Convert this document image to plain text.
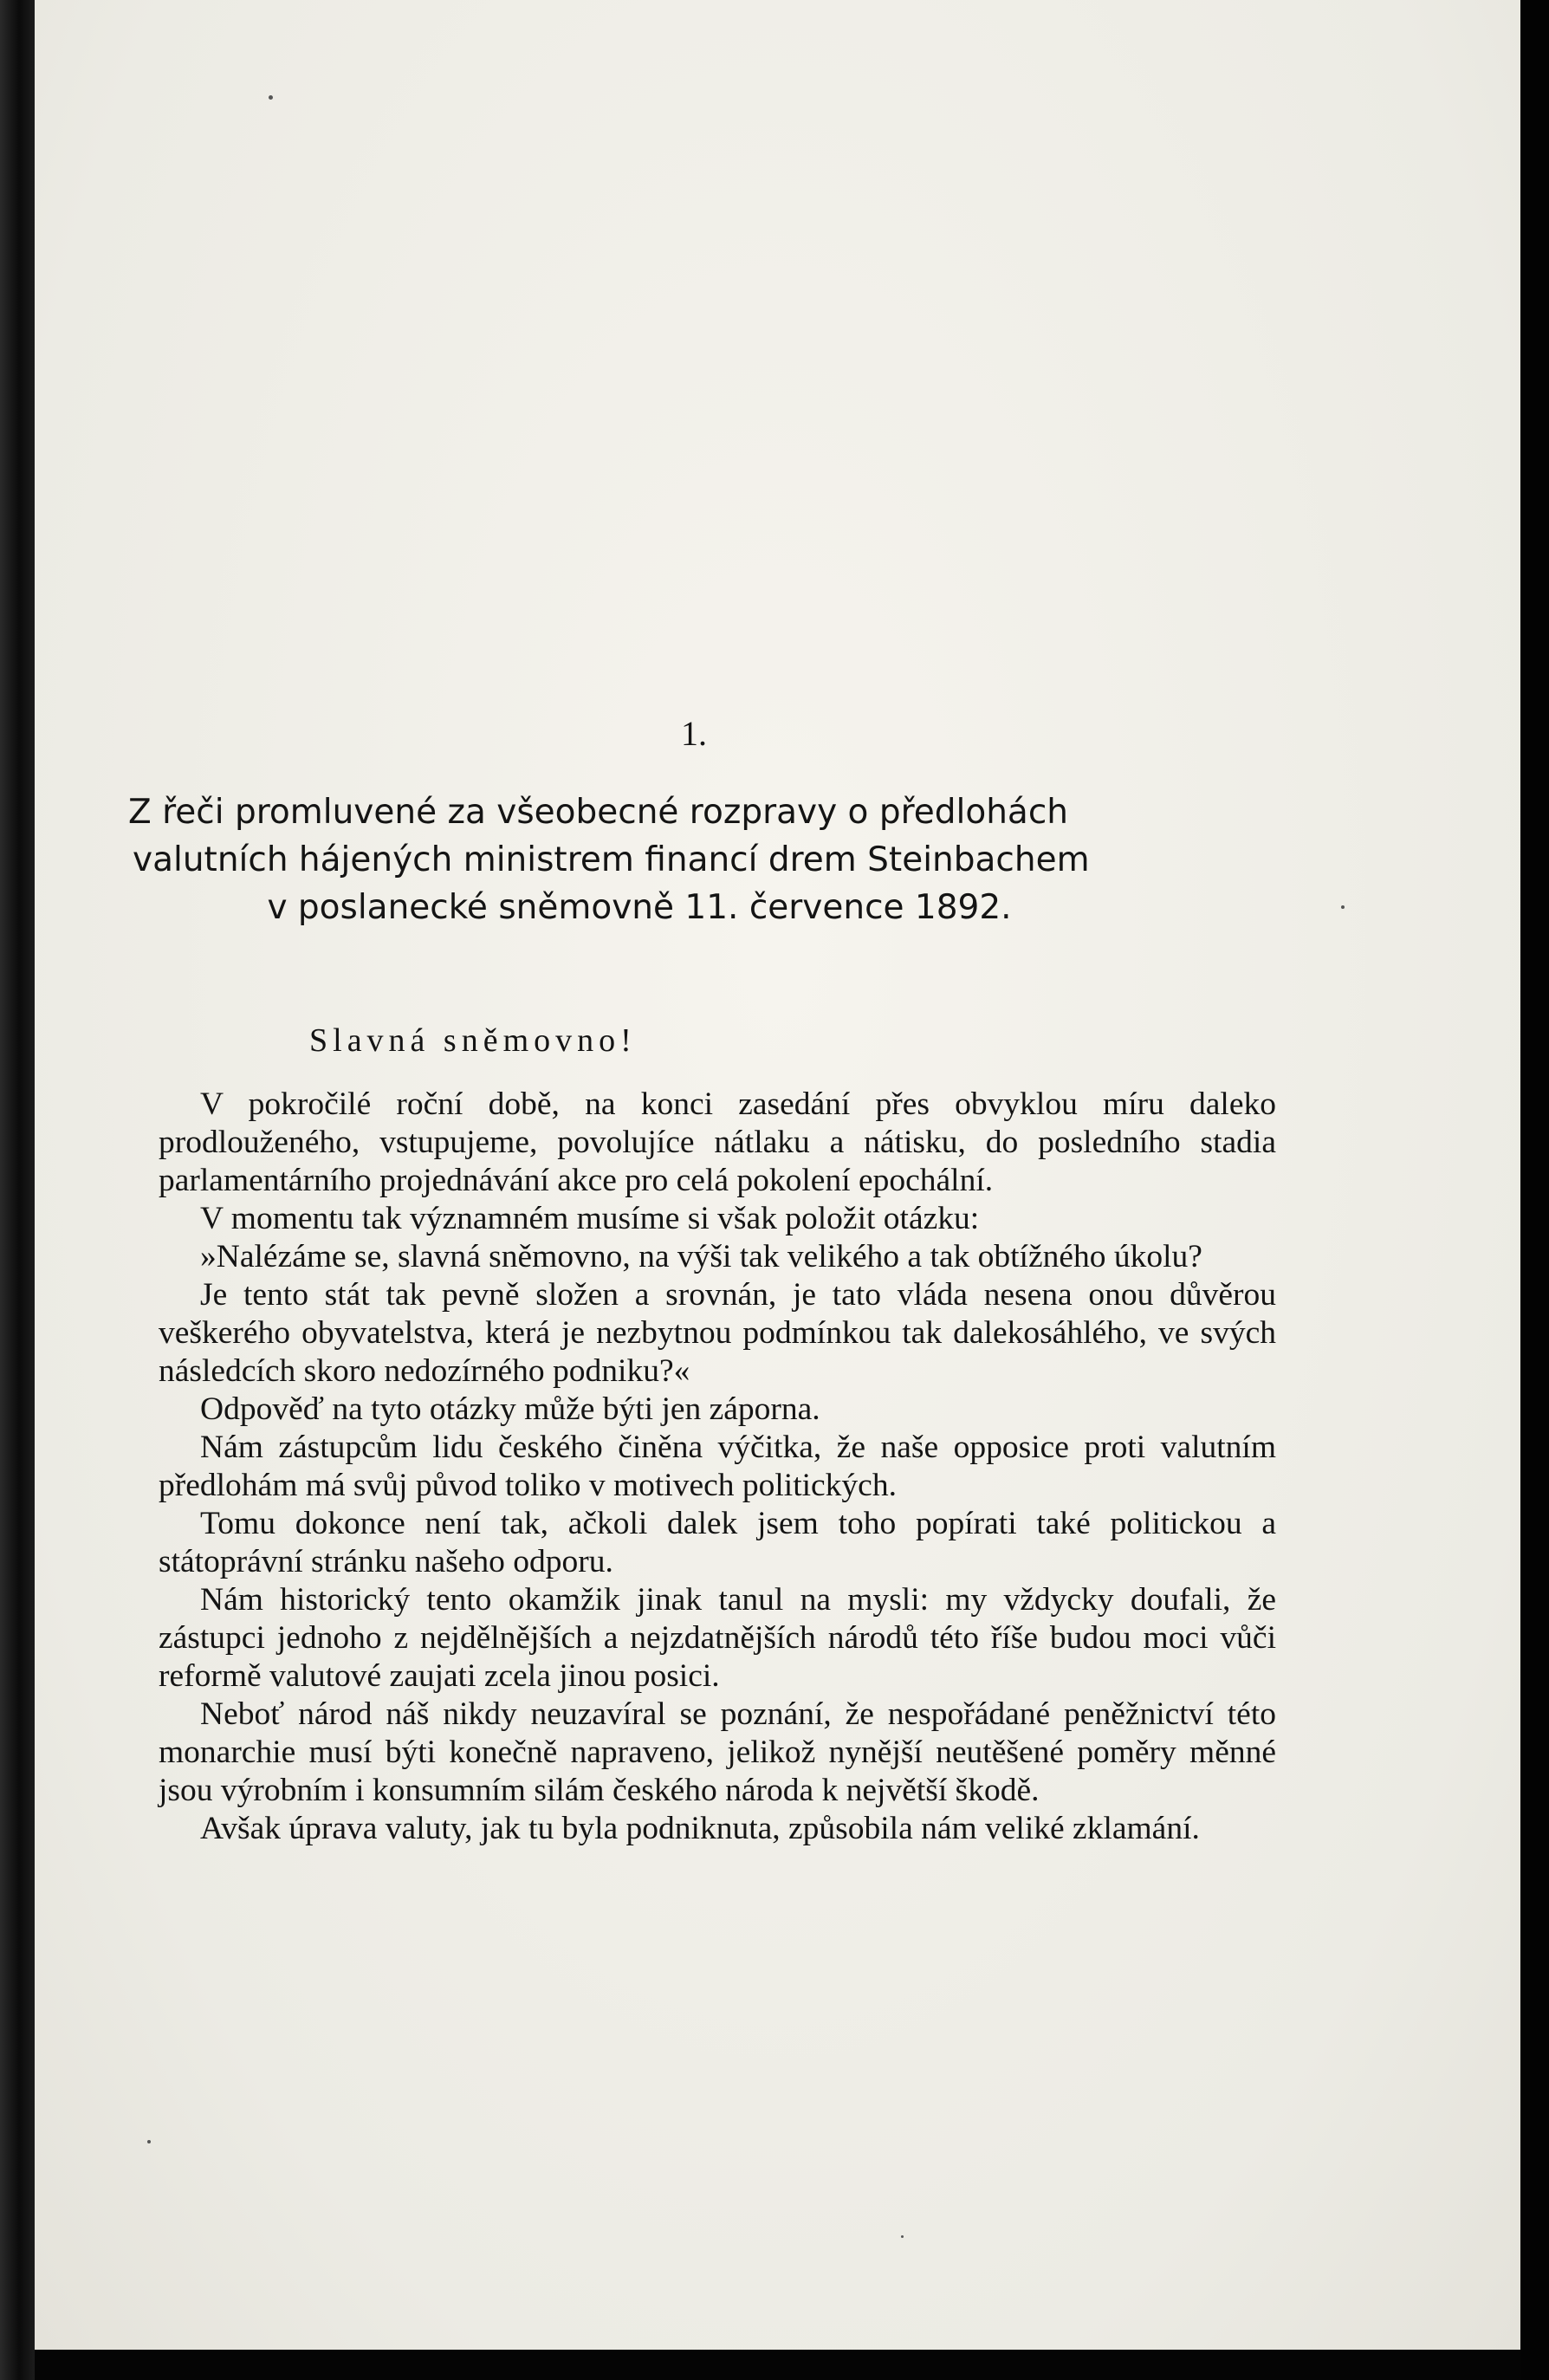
1.
Z řeči promluvené za všeobecné rozpravy o předlohách
valutních hájených ministrem financí drem Steinbachem
v poslanecké sněmovně 11. července 1892.
Slavná sněmovno!

V pokročilé roční době, na konci zasedání přes obvyklou míru daleko prodlouženého, vstupujeme, povolujíce nátlaku a nátisku, do posledního stadia parlamentárního projednávání akce pro celá pokolení epochální.

V momentu tak významném musíme si však položit otázku:

»Nalézáme se, slavná sněmovno, na výši tak velikého a tak obtížného úkolu?

Je tento stát tak pevně složen a srovnán, je tato vláda nesena onou důvěrou veškerého obyvatelstva, která je nezbytnou podmínkou tak dalekosáhlého, ve svých následcích skoro nedozírného podniku?«

Odpověď na tyto otázky může býti jen záporna.

Nám zástupcům lidu českého činěna výčitka, že naše opposice proti valutním předlohám má svůj původ toliko v motivech politických.

Tomu dokonce není tak, ačkoli dalek jsem toho popírati také politickou a státoprávní stránku našeho odporu.

Nám historický tento okamžik jinak tanul na mysli: my vždycky doufali, že zástupci jednoho z nejdělnějších a nejzdatnějších národů této říše budou moci vůči reformě valutové zaujati zcela jinou posici.

Neboť národ náš nikdy neuzavíral se poznání, že nespořádané peněžnictví této monarchie musí býti konečně napraveno, jelikož nynější neutěšené poměry měnné jsou výrobním i konsumním silám českého národa k největší škodě.

Avšak úprava valuty, jak tu byla podniknuta, způsobila nám veliké zklamání.
